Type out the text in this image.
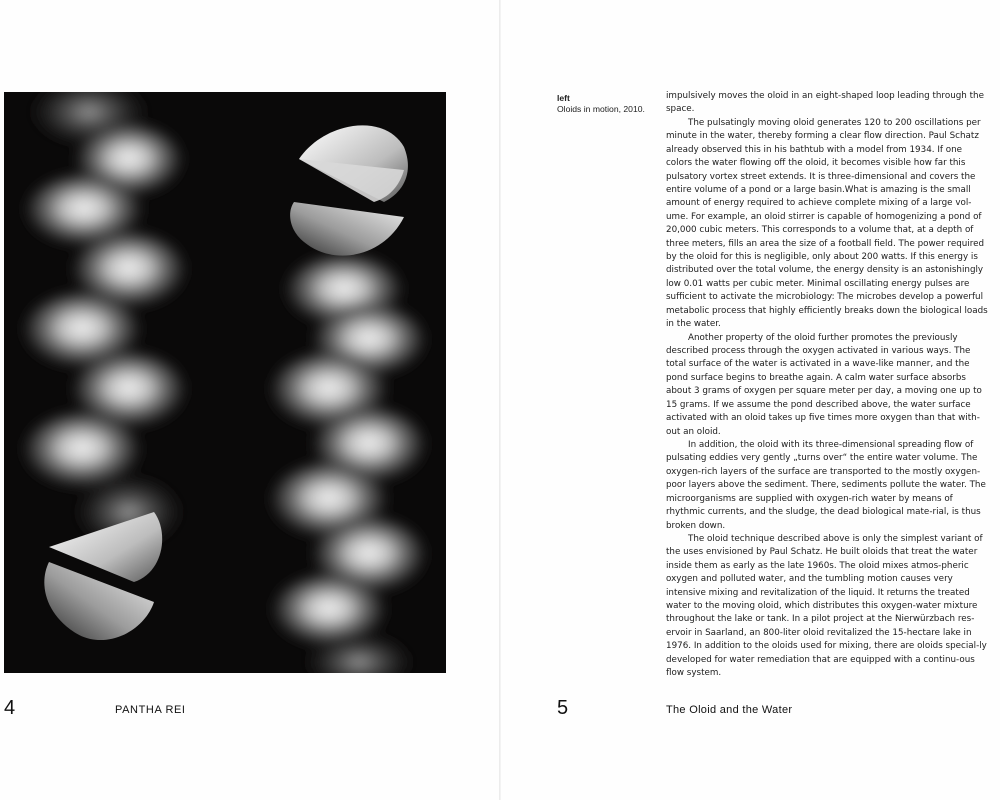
4	PANTHA REI
left
Oloids in motion, 2010.

impulsively moves the oloid in an eight-shaped loop leading through the space.

The pulsatingly moving oloid generates 120 to 200 oscillations per minute in the water, thereby forming a clear flow direction. Paul Schatz already observed this in his bathtub with a model from 1934. If one colors the water flowing off the oloid, it becomes visible how far this pulsatory vortex street extends. It is three-dimensional and covers the entire volume of a pond or a large basin.What is amazing is the small amount of energy required to achieve complete mixing of a large vol-ume. For example, an oloid stirrer is capable of homogenizing a pond of 20,000 cubic meters. This corresponds to a volume that, at a depth of three meters, fills an area the size of a football field. The power required by the oloid for this is negligible, only about 200 watts. If this energy is distributed over the total volume, the energy density is an astonishingly low 0.01 watts per cubic meter. Minimal oscillating energy pulses are sufficient to activate the microbiology: The microbes develop a powerful metabolic process that highly efficiently breaks down the biological loads in the water.

Another property of the oloid further promotes the previously described process through the oxygen activated in various ways. The total surface of the water is activated in a wave-like manner, and the pond surface begins to breathe again. A calm water surface absorbs about 3 grams of oxygen per square meter per day, a moving one up to 15 grams. If we assume the pond described above, the water surface activated with an oloid takes up five times more oxygen than that with-out an oloid.

In addition, the oloid with its three-dimensional spreading flow of pulsating eddies very gently „turns over“ the entire water volume. The oxygen-rich layers of the surface are transported to the mostly oxygen-poor layers above the sediment. There, sediments pollute the water. The microorganisms are supplied with oxygen-rich water by means of rhythmic currents, and the sludge, the dead biological mate-rial, is thus broken down.

The oloid technique described above is only the simplest variant of the uses envisioned by Paul Schatz. He built oloids that treat the water inside them as early as the late 1960s. The oloid mixes atmos-pheric oxygen and polluted water, and the tumbling motion causes very intensive mixing and revitalization of the liquid. It returns the treated water to the moving oloid, which distributes this oxygen-water mixture throughout the lake or tank. In a pilot project at the Nierwürzbach res-ervoir in Saarland, an 800-liter oloid revitalized the 15-hectare lake in 1976. In addition to the oloids used for mixing, there are oloids special-ly developed for water remediation that are equipped with a continu-ous flow system.

5	The Oloid and the Water
